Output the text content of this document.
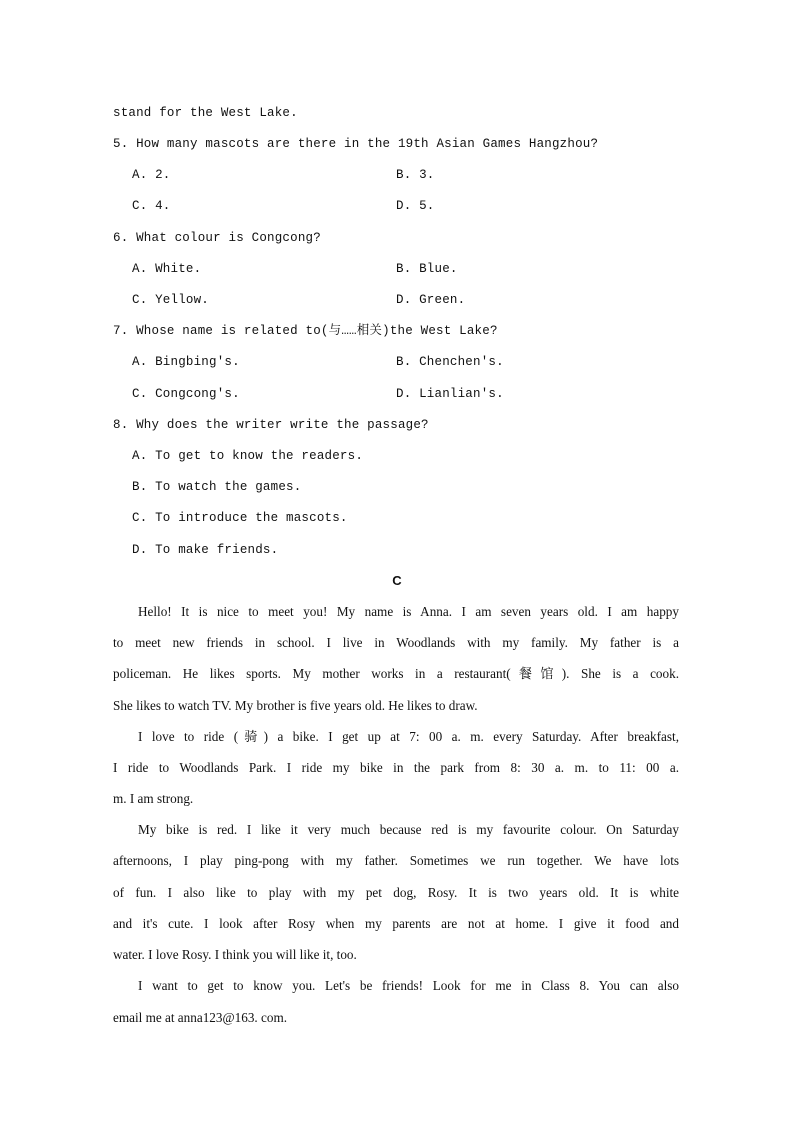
stand for the West Lake.
5. How many mascots are there in the 19th Asian Games Hangzhou?
A. 2.	B. 3.
C. 4.	D. 5.
6. What colour is Congcong?
A. White.	B. Blue.
C. Yellow.	D. Green.
7. Whose name is related to(与……相关)the West Lake?
A. Bingbing's.	B. Chenchen's.
C. Congcong's.	D. Lianlian's.
8. Why does the writer write the passage?
A. To get to know the readers.
B. To watch the games.
C. To introduce the mascots.
D. To make friends.
C
Hello! It is nice to meet you! My name is Anna. I am seven years old. I am happy
to meet new friends in school. I live in Woodlands with my family. My father is a
policeman. He likes sports. My mother works in a restaurant(餐馆). She is a cook.
She likes to watch TV. My brother is five years old. He likes to draw.
I love to ride (骑) a bike. I get up at 7: 00 a. m. every Saturday. After breakfast,
I ride to Woodlands Park. I ride my bike in the park from 8: 30 a. m. to 11: 00 a.
m. I am strong.
My bike is red. I like it very much because red is my favourite colour. On Saturday
afternoons, I play ping-pong with my father. Sometimes we run together. We have lots
of fun. I also like to play with my pet dog, Rosy. It is two years old. It is white
and it's cute. I look after Rosy when my parents are not at home. I give it food and
water. I love Rosy. I think you will like it, too.
I want to get to know you. Let's be friends! Look for me in Class 8. You can also
email me at anna123@163. com.
